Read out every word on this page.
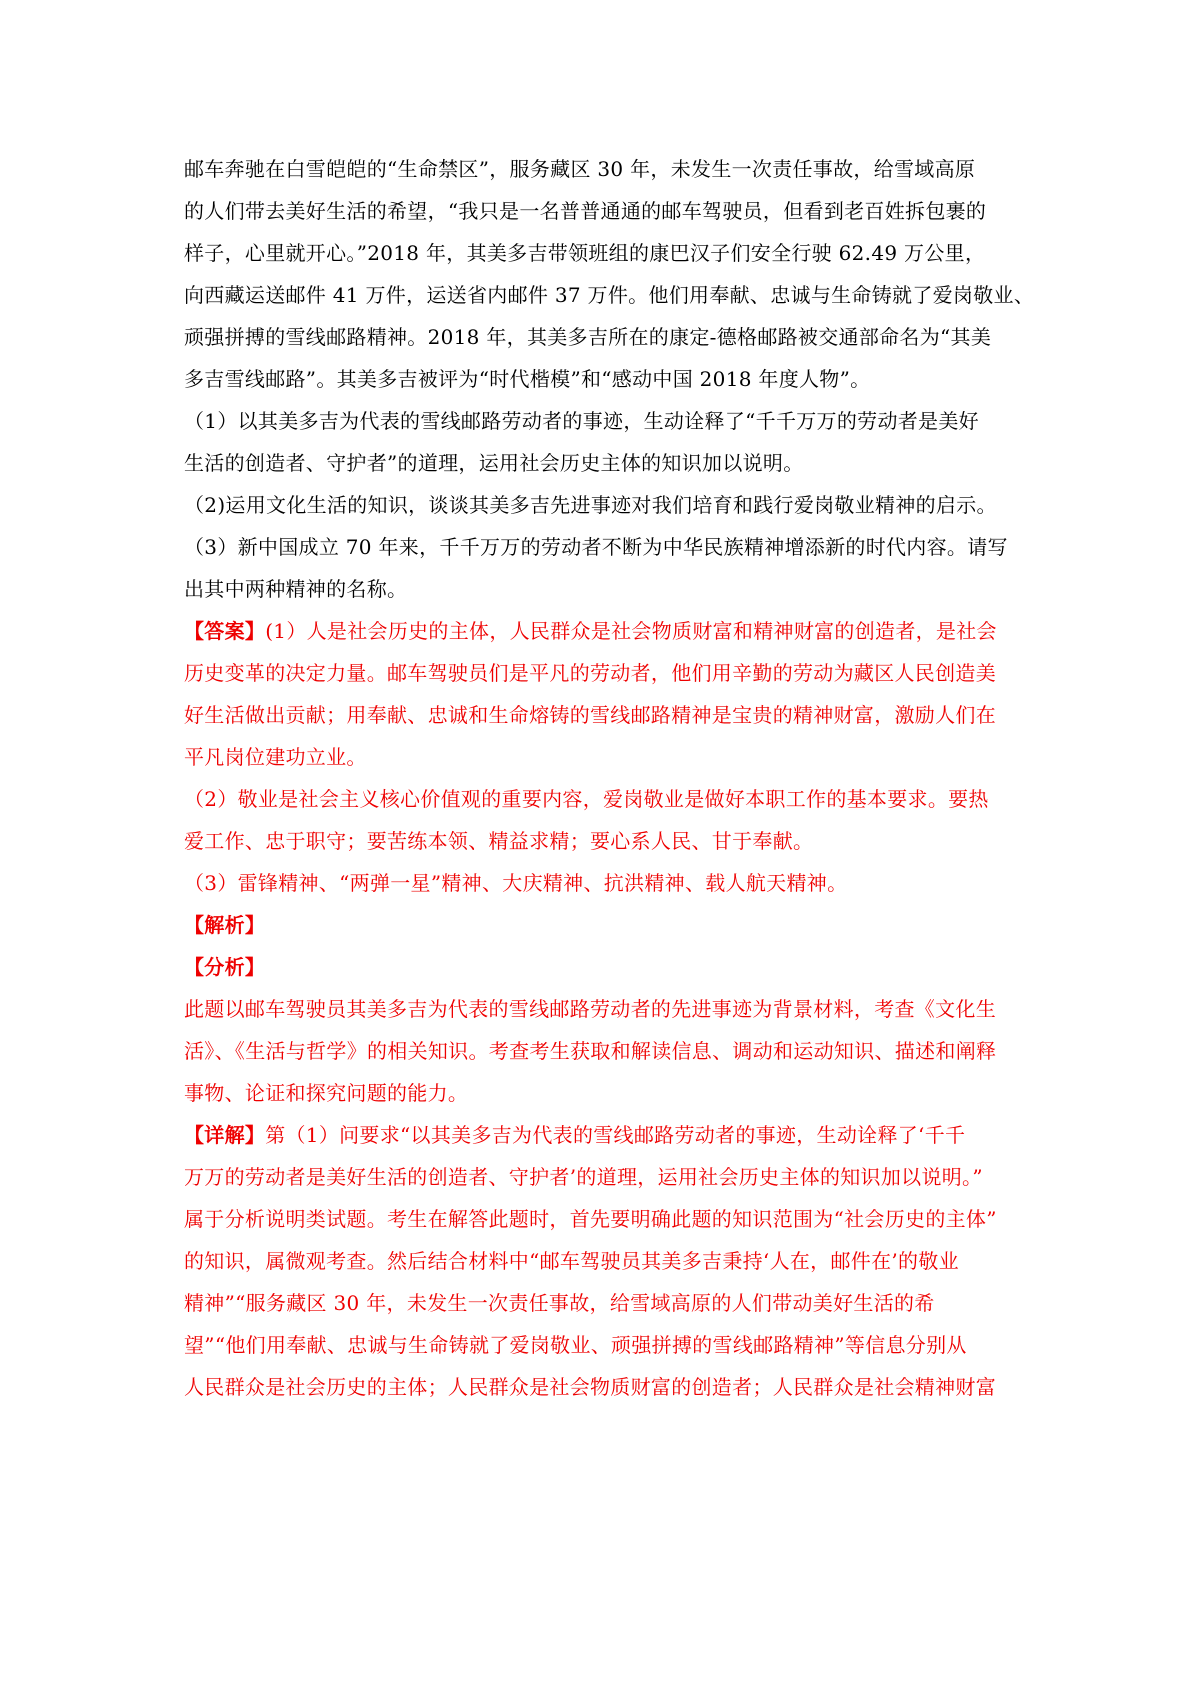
邮车奔驰在白雪皑皑的“生命禁区”，服务藏区 30 年，未发生一次责任事故，给雪域高原

的人们带去美好生活的希望，“我只是一名普普通通的邮车驾驶员，但看到老百姓拆包裹的

样子，心里就开心。”2018 年，其美多吉带领班组的康巴汉子们安全行驶 62.49 万公里，

向西藏运送邮件 41 万件，运送省内邮件 37 万件。他们用奉献、忠诚与生命铸就了爱岗敬业、

顽强拼搏的雪线邮路精神。2018 年，其美多吉所在的康定-德格邮路被交通部命名为“其美

多吉雪线邮路”。其美多吉被评为“时代楷模”和“感动中国 2018 年度人物”。

（1）以其美多吉为代表的雪线邮路劳动者的事迹，生动诠释了“千千万万的劳动者是美好

生活的创造者、守护者”的道理，运用社会历史主体的知识加以说明。

（2)运用文化生活的知识，谈谈其美多吉先进事迹对我们培育和践行爱岗敬业精神的启示。

（3）新中国成立 70 年来，千千万万的劳动者不断为中华民族精神增添新的时代内容。请写

出其中两种精神的名称。

【答案】(1）人是社会历史的主体，人民群众是社会物质财富和精神财富的创造者，是社会

历史变革的决定力量。邮车驾驶员们是平凡的劳动者，他们用辛勤的劳动为藏区人民创造美

好生活做出贡献；用奉献、忠诚和生命熔铸的雪线邮路精神是宝贵的精神财富，激励人们在

平凡岗位建功立业。

（2）敬业是社会主义核心价值观的重要内容，爱岗敬业是做好本职工作的基本要求。要热

爱工作、忠于职守；要苦练本领、精益求精；要心系人民、甘于奉献。

（3）雷锋精神、“两弹一星”精神、大庆精神、抗洪精神、载人航天精神。

【解析】

【分析】

此题以邮车驾驶员其美多吉为代表的雪线邮路劳动者的先进事迹为背景材料，考查《文化生

活》、《生活与哲学》的相关知识。考查考生获取和解读信息、调动和运动知识、描述和阐释

事物、论证和探究问题的能力。

【详解】第（1）问要求“以其美多吉为代表的雪线邮路劳动者的事迹，生动诠释了‘千千

万万的劳动者是美好生活的创造者、守护者’的道理，运用社会历史主体的知识加以说明。”

属于分析说明类试题。考生在解答此题时，首先要明确此题的知识范围为“社会历史的主体”

的知识，属微观考查。然后结合材料中“邮车驾驶员其美多吉秉持‘人在，邮件在’的敬业

精神”“服务藏区 30 年，未发生一次责任事故，给雪域高原的人们带动美好生活的希

望”“他们用奉献、忠诚与生命铸就了爱岗敬业、顽强拼搏的雪线邮路精神”等信息分别从

人民群众是社会历史的主体；人民群众是社会物质财富的创造者；人民群众是社会精神财富
